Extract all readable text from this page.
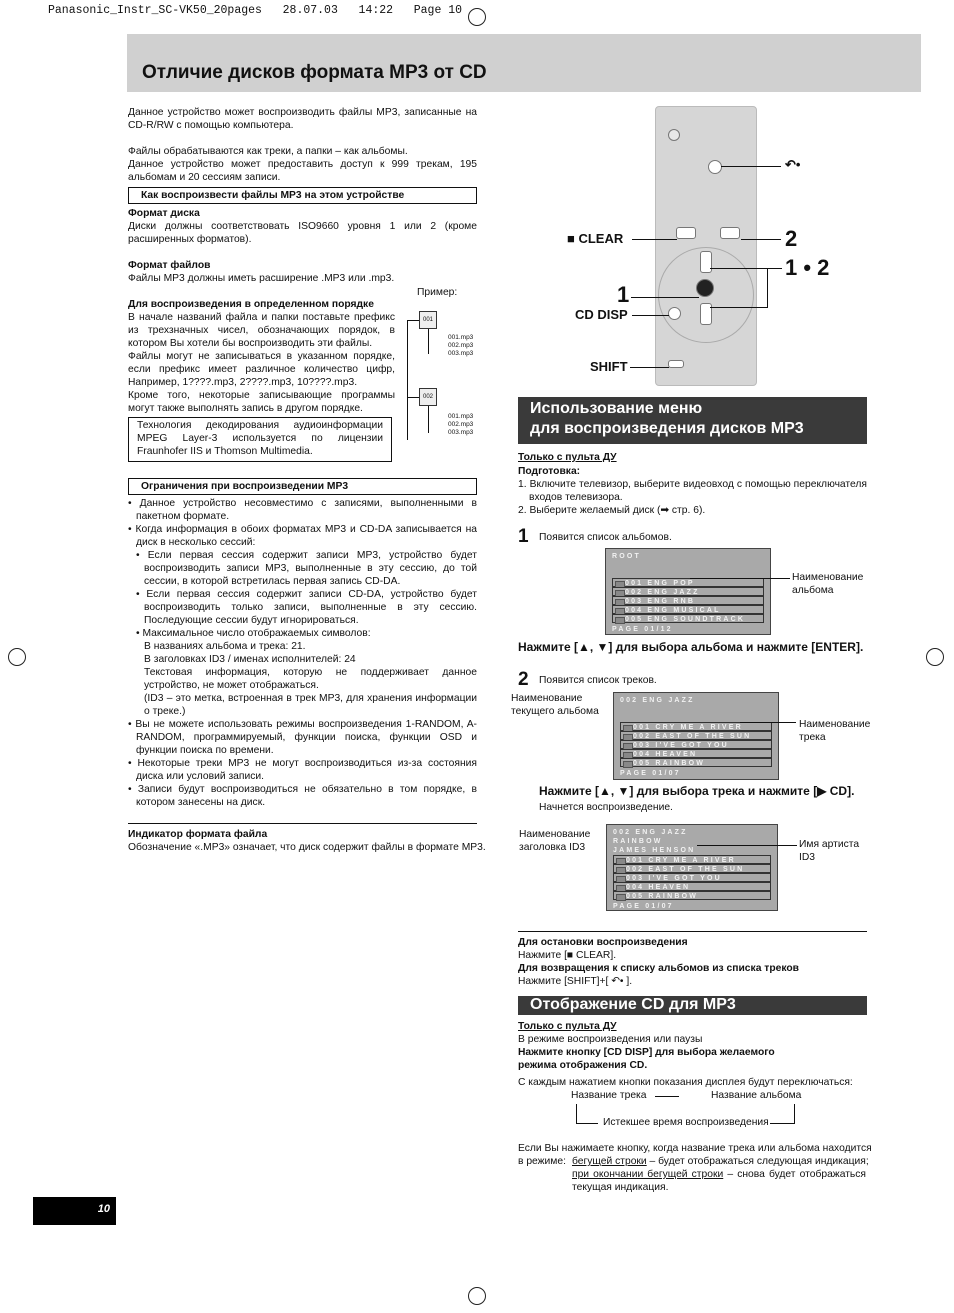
Panasonic_Instr_SC-VK50_20pages   28.07.03   14:22   Page 10
Отличие дисков формата MP3 от CD
Данное устройство может воспроизводить файлы MP3, записанные на CD-R/RW с помощью компьютера.
Файлы обрабатываются как треки, а папки – как альбомы.
Данное устройство может предоставить доступ к 999 трекам, 195 альбомам и 20 сессиям записи.
Как воспроизвести файлы MP3 на этом устройстве
Формат диска
Диски должны соответствовать ISO9660 уровня 1 или 2 (кроме расширенных форматов).
Формат файлов
Файлы MP3 должны иметь расширение .MP3 или .mp3.
Пример:
Для воспроизведения в определенном порядке
В начале названий файла и папки поставьте префикс из трехзначных чисел, обозначающих порядок, в котором Вы хотели бы воспроизводить эти файлы.
Файлы могут не записываться в указанном порядке, если префикс имеет различное количество цифр, Например, 1????.mp3, 2????.mp3, 10????.mp3.
Кроме того, некоторые записывающие программы могут также выполнять запись в другом порядке.
001
002
001.mp3
002.mp3
003.mp3
001.mp3
002.mp3
003.mp3
Технология декодирования аудиоинформации MPEG Layer-3 используется по лицензии Fraunhofer IIS и Thomson Multimedia.
Ограничения при воспроизведении MP3
• Данное устройство несовместимо с записями, выполненными в пакетном формате.
• Когда информация в обоих форматах MP3 и CD-DA записывается на диск в несколько сессий:
• Если первая сессия содержит записи MP3, устройство будет воспроизводить записи MP3, выполненные в эту сессию, до той сессии, в которой встретилась первая запись CD-DA.
• Если первая сессия содержит записи CD-DA, устройство будет воспроизводить только записи, выполненные в эту сессию. Последующие сессии будут игнорироваться.
• Максимальное число отображаемых символов:
В названиях альбома и трека: 21.
В заголовках ID3 / именах исполнителей: 24
Текстовая информация, которую не поддерживает данное устройство, не может отображаться.
(ID3 – это метка, встроенная в трек MP3, для хранения информации о треке.)
• Вы не можете использовать режимы воспроизведения 1-RANDOM, A-RANDOM, программируемый, функции поиска, функции OSD и функции поиска по времени.
• Некоторые треки MP3 не могут воспроизводиться из-за состояния диска или условий записи.
• Записи будут воспроизводиться не обязательно в том порядке, в котором занесены на диск.
Индикатор формата файла
Обозначение «.MP3» означает, что диск содержит файлы в формате MP3.
↶•
■ CLEAR	2
1 • 2
1
CD DISP
SHIFT
Использование меню
для воспроизведения дисков MP3
Только с пульта ДУ
Подготовка:
1. Включите телевизор, выберите видеовход с помощью переключателя входов телевизора.
2. Выберите желаемый диск (➡ стр. 6).
1 Появится список альбомов.
ROOT
001 ENG POP
002 ENG JAZZ
003 ENG RNB
004 ENG MUSICAL
005 ENG SOUNDTRACK
PAGE 01/12
Наименование альбома
Нажмите [▲, ▼] для выбора альбома и нажмите [ENTER].
2 Появится список треков.
Наименование текущего альбома
002 ENG JAZZ
001 CRY ME A RIVER
002 EAST OF THE SUN
003 I'VE GOT YOU
004 HEAVEN
005 RAINBOW
PAGE 01/07
Наименование трека
Нажмите [▲, ▼] для выбора трека и нажмите [▶ CD].
Начнется воспроизведение.
Наименование заголовка ID3
002 ENG JAZZ
RAINBOW
JAMES HENSON
001 CRY ME A RIVER
002 EAST OF THE SUN
003 I'VE GOT YOU
004 HEAVEN
005 RAINBOW
PAGE 01/07
Имя артиста ID3
Для остановки воспроизведения
Нажмите [■ CLEAR].
Для возвращения к списку альбомов из списка треков
Нажмите [SHIFT]+[ ↶• ].
Отображение CD для MP3
Только с пульта ДУ
В режиме воспроизведения или паузы
Нажмите кнопку [CD DISP] для выбора желаемого
режима отображения CD.
С каждым нажатием кнопки показания дисплея будут переключаться:
Название трека	Название альбома
Истекшее время воспроизведения
Если Вы нажимаете кнопку, когда название трека или альбома находится
в режиме: бегущей строки – будет отображаться следующая индикация;
при окончании бегущей строки – снова будет отображаться текущая индикация.
10
